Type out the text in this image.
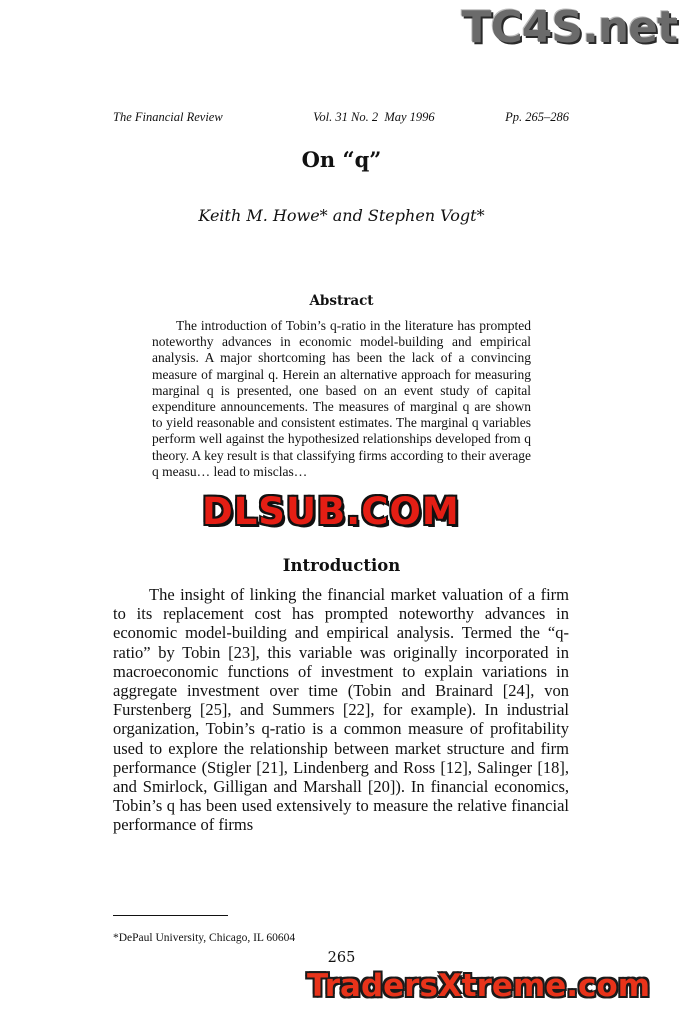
TC4S.net
The Financial Review	Vol. 31 No. 2 May 1996	Pp. 265–286
On “q”
Keith M. Howe* and Stephen Vogt*
Abstract
The introduction of Tobin’s q-ratio in the literature has prompted noteworthy advances in economic model-building and empirical analysis. A major shortcoming has been the lack of a convincing measure of marginal q. Herein an alternative approach for measuring marginal q is presented, one based on an event study of capital expenditure announcements. The measures of marginal q are shown to yield reasonable and consistent estimates. The marginal q variables perform well against the hypothesized relationships developed from q theory. A key result is that classifying firms according to their average q measu… lead to misclas…
DLSUB.COM
Introduction
The insight of linking the financial market valuation of a firm to its replacement cost has prompted noteworthy advances in economic model-building and empirical analysis. Termed the “q-ratio” by Tobin [23], this variable was originally incorporated in macroeconomic functions of investment to explain variations in aggregate investment over time (Tobin and Brainard [24], von Furstenberg [25], and Summers [22], for example). In industrial organization, Tobin’s q-ratio is a common measure of profitability used to explore the relationship between market structure and firm performance (Stigler [21], Lindenberg and Ross [12], Salinger [18], and Smirlock, Gilligan and Marshall [20]). In financial economics, Tobin’s q has been used extensively to measure the relative financial performance of firms
*DePaul University, Chicago, IL 60604
265
TradersXtreme.com
